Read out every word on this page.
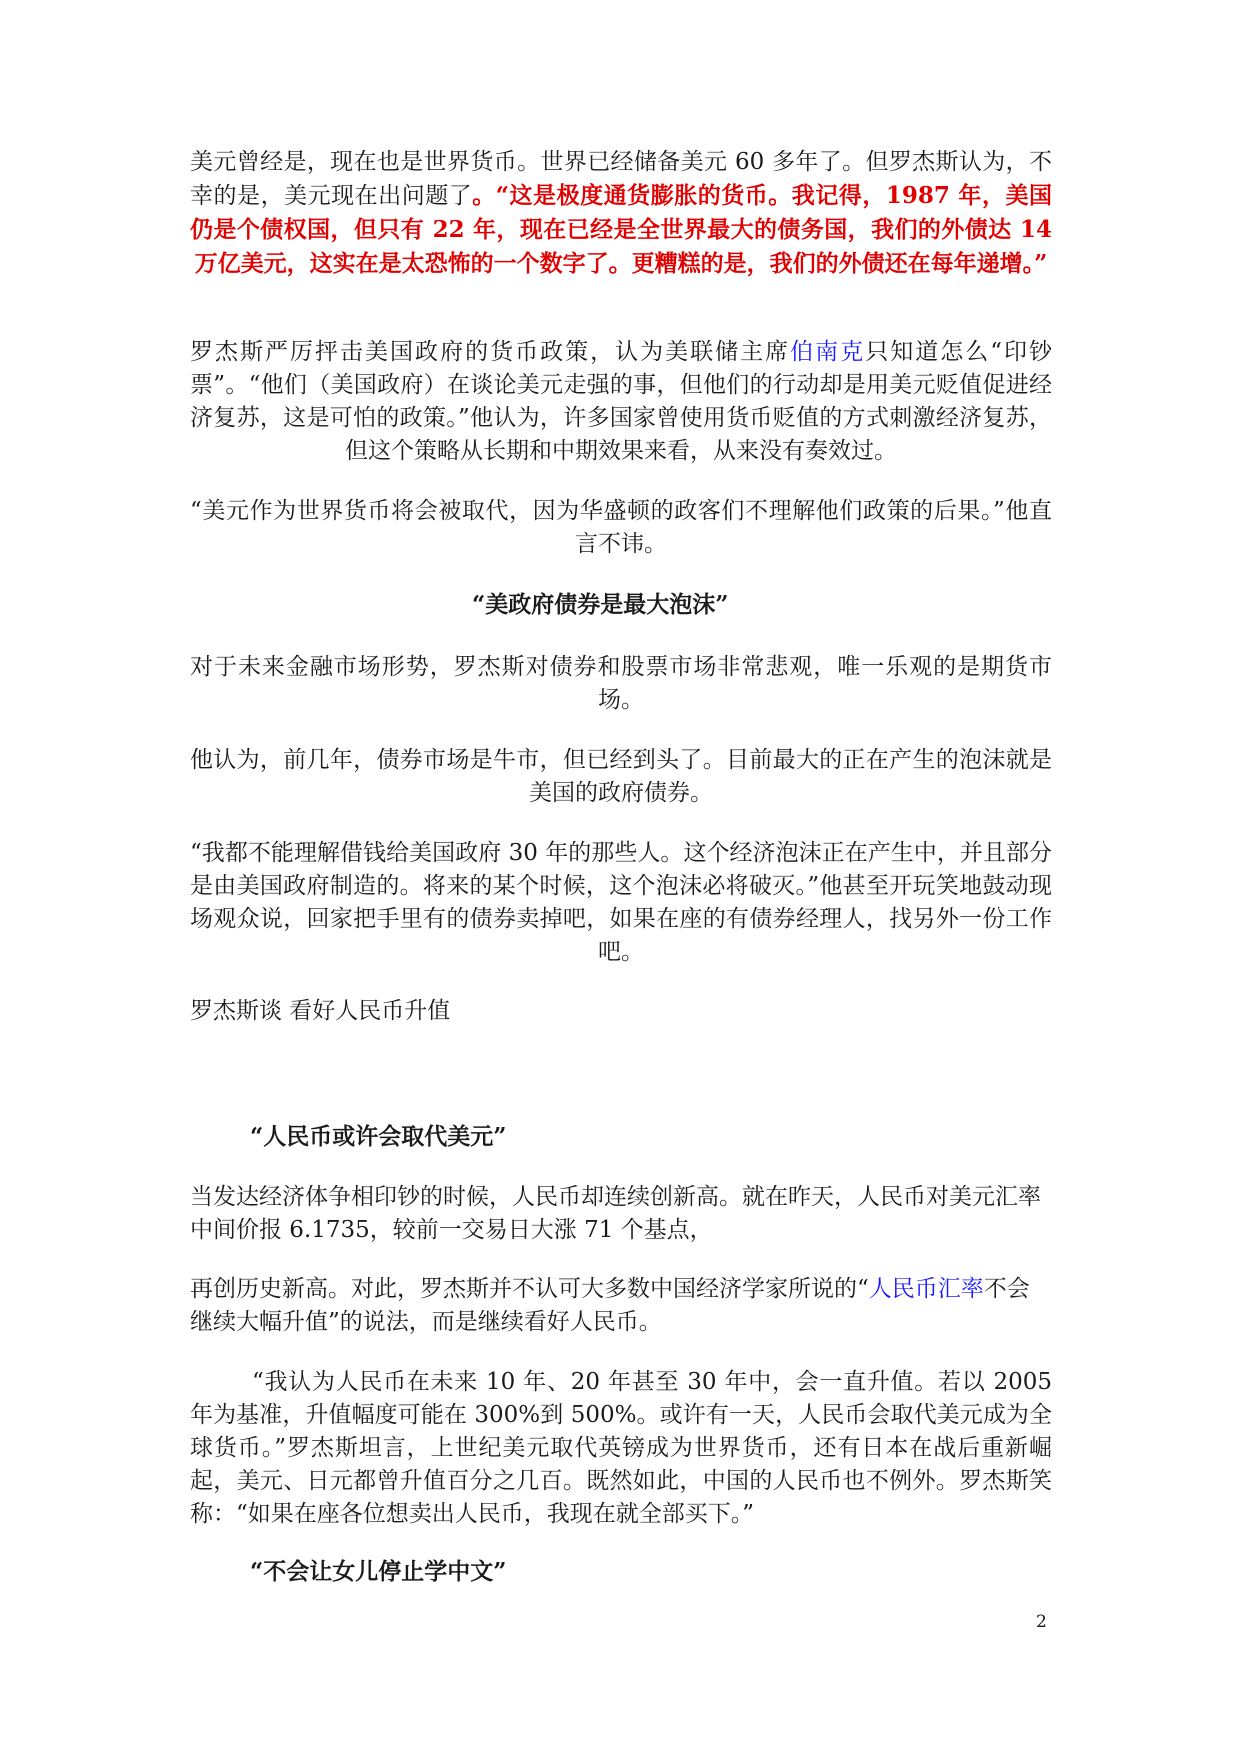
美元曾经是，现在也是世界货币。世界已经储备美元 60 多年了。但罗杰斯认为，不幸的是，美元现在出问题了。“这是极度通货膨胀的货币。我记得，1987 年，美国仍是个债权国，但只有 22 年，现在已经是全世界最大的债务国，我们的外债达 14 万亿美元，这实在是太恐怖的一个数字了。更糟糕的是，我们的外债还在每年递增。”

罗杰斯严厉抨击美国政府的货币政策，认为美联储主席伯南克只知道怎么“印钞票”。“他们（美国政府）在谈论美元走强的事，但他们的行动却是用美元贬值促进经济复苏，这是可怕的政策。”他认为，许多国家曾使用货币贬值的方式刺激经济复苏，但这个策略从长期和中期效果来看，从来没有奏效过。

“美元作为世界货币将会被取代，因为华盛顿的政客们不理解他们政策的后果。”他直言不讳。

“美政府债券是最大泡沫”

对于未来金融市场形势，罗杰斯对债券和股票市场非常悲观，唯一乐观的是期货市场。

他认为，前几年，债券市场是牛市，但已经到头了。目前最大的正在产生的泡沫就是美国的政府债券。

“我都不能理解借钱给美国政府 30 年的那些人。这个经济泡沫正在产生中，并且部分是由美国政府制造的。将来的某个时候，这个泡沫必将破灭。”他甚至开玩笑地鼓动现场观众说，回家把手里有的债券卖掉吧，如果在座的有债券经理人，找另外一份工作吧。

罗杰斯谈 看好人民币升值

“人民币或许会取代美元”

当发达经济体争相印钞的时候，人民币却连续创新高。就在昨天，人民币对美元汇率中间价报 6.1735，较前一交易日大涨 71 个基点，

再创历史新高。对此，罗杰斯并不认可大多数中国经济学家所说的“人民币汇率不会继续大幅升值”的说法，而是继续看好人民币。

“我认为人民币在未来 10 年、20 年甚至 30 年中，会一直升值。若以 2005 年为基准，升值幅度可能在 300%到 500%。或许有一天，人民币会取代美元成为全球货币。”罗杰斯坦言，上世纪美元取代英镑成为世界货币，还有日本在战后重新崛起，美元、日元都曾升值百分之几百。既然如此，中国的人民币也不例外。罗杰斯笑称：“如果在座各位想卖出人民币，我现在就全部买下。”

“不会让女儿停止学中文”

2
